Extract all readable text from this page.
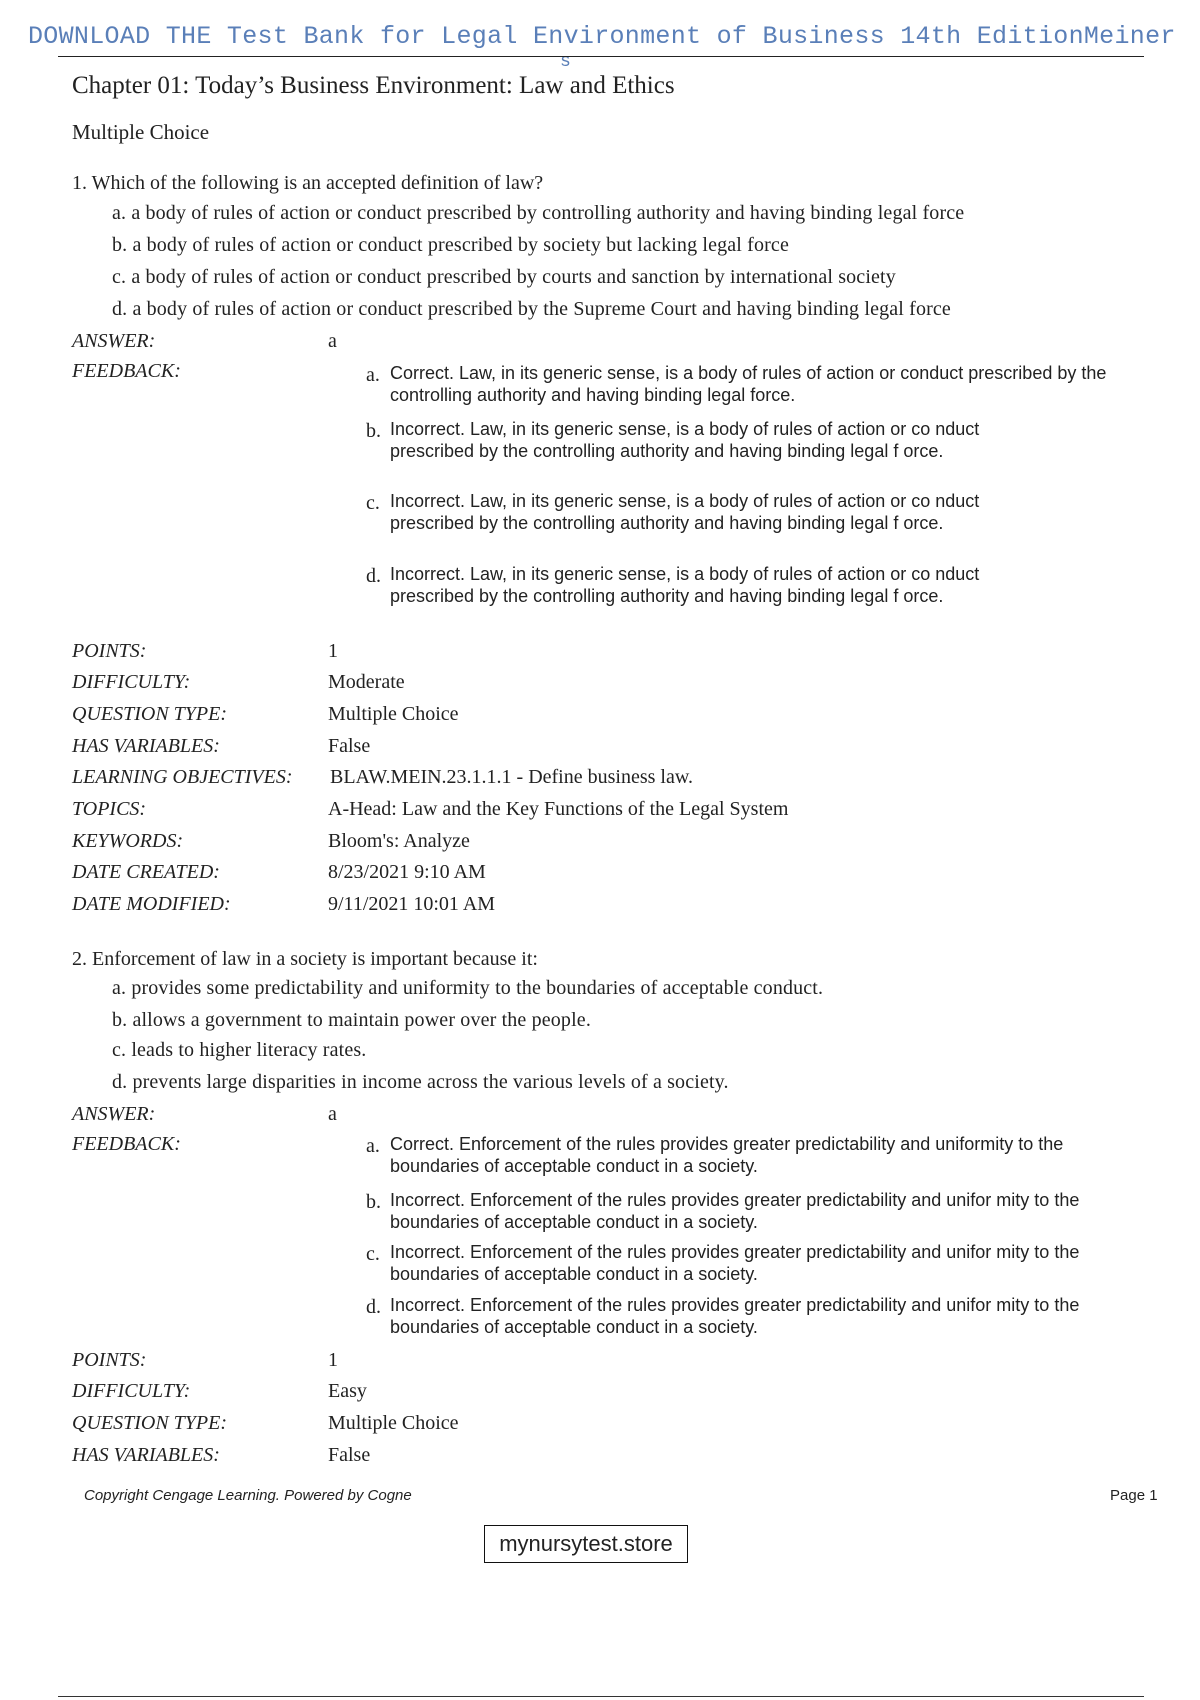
DOWNLOAD THE Test Bank for Legal Environment of Business 14th EditionMeiner
s
Chapter 01: Today’s Business Environment: Law and Ethics
Multiple Choice
1. Which of the following is an accepted definition of law?
a. a body of rules of action or conduct prescribed by controlling authority and having binding legal force
b. a body of rules of action or conduct prescribed by society but lacking legal force
c. a body of rules of action or conduct prescribed by courts and sanction by international society
d. a body of rules of action or conduct prescribed by the Supreme Court and having binding legal force
ANSWER:	a
FEEDBACK:	a. Correct. Law, in its generic sense, is a body of rules of action or conduct prescribed by the controlling authority and having binding legal force.
b. Incorrect. Law, in its generic sense, is a body of rules of action or co nduct prescribed by the controlling authority and having binding legal f orce.
c. Incorrect. Law, in its generic sense, is a body of rules of action or co nduct prescribed by the controlling authority and having binding legal f orce.
d. Incorrect. Law, in its generic sense, is a body of rules of action or co nduct prescribed by the controlling authority and having binding legal f orce.
POINTS:	1
DIFFICULTY:	Moderate
QUESTION TYPE:	Multiple Choice
HAS VARIABLES:	False
LEARNING OBJECTIVES: BLAW.MEIN.23.1.1.1 - Define business law.
TOPICS:	A-Head: Law and the Key Functions of the Legal System
KEYWORDS:	Bloom's: Analyze
DATE CREATED:	8/23/2021 9:10 AM
DATE MODIFIED:	9/11/2021 10:01 AM
2. Enforcement of law in a society is important because it:
a. provides some predictability and uniformity to the boundaries of acceptable conduct.
b. allows a government to maintain power over the people.
c. leads to higher literacy rates.
d. prevents large disparities in income across the various levels of a society.
ANSWER:	a
FEEDBACK:	a. Correct. Enforcement of the rules provides greater predictability and uniformity to the boundaries of acceptable conduct in a society.
b. Incorrect. Enforcement of the rules provides greater predictability and unifor mity to the boundaries of acceptable conduct in a society.
c. Incorrect. Enforcement of the rules provides greater predictability and unifor mity to the boundaries of acceptable conduct in a society.
d. Incorrect. Enforcement of the rules provides greater predictability and unifor mity to the boundaries of acceptable conduct in a society.
POINTS:	1
DIFFICULTY:	Easy
QUESTION TYPE:	Multiple Choice
HAS VARIABLES:	False
Copyright Cengage Learning. Powered by Cogne	Page 1
mynursytest.store
